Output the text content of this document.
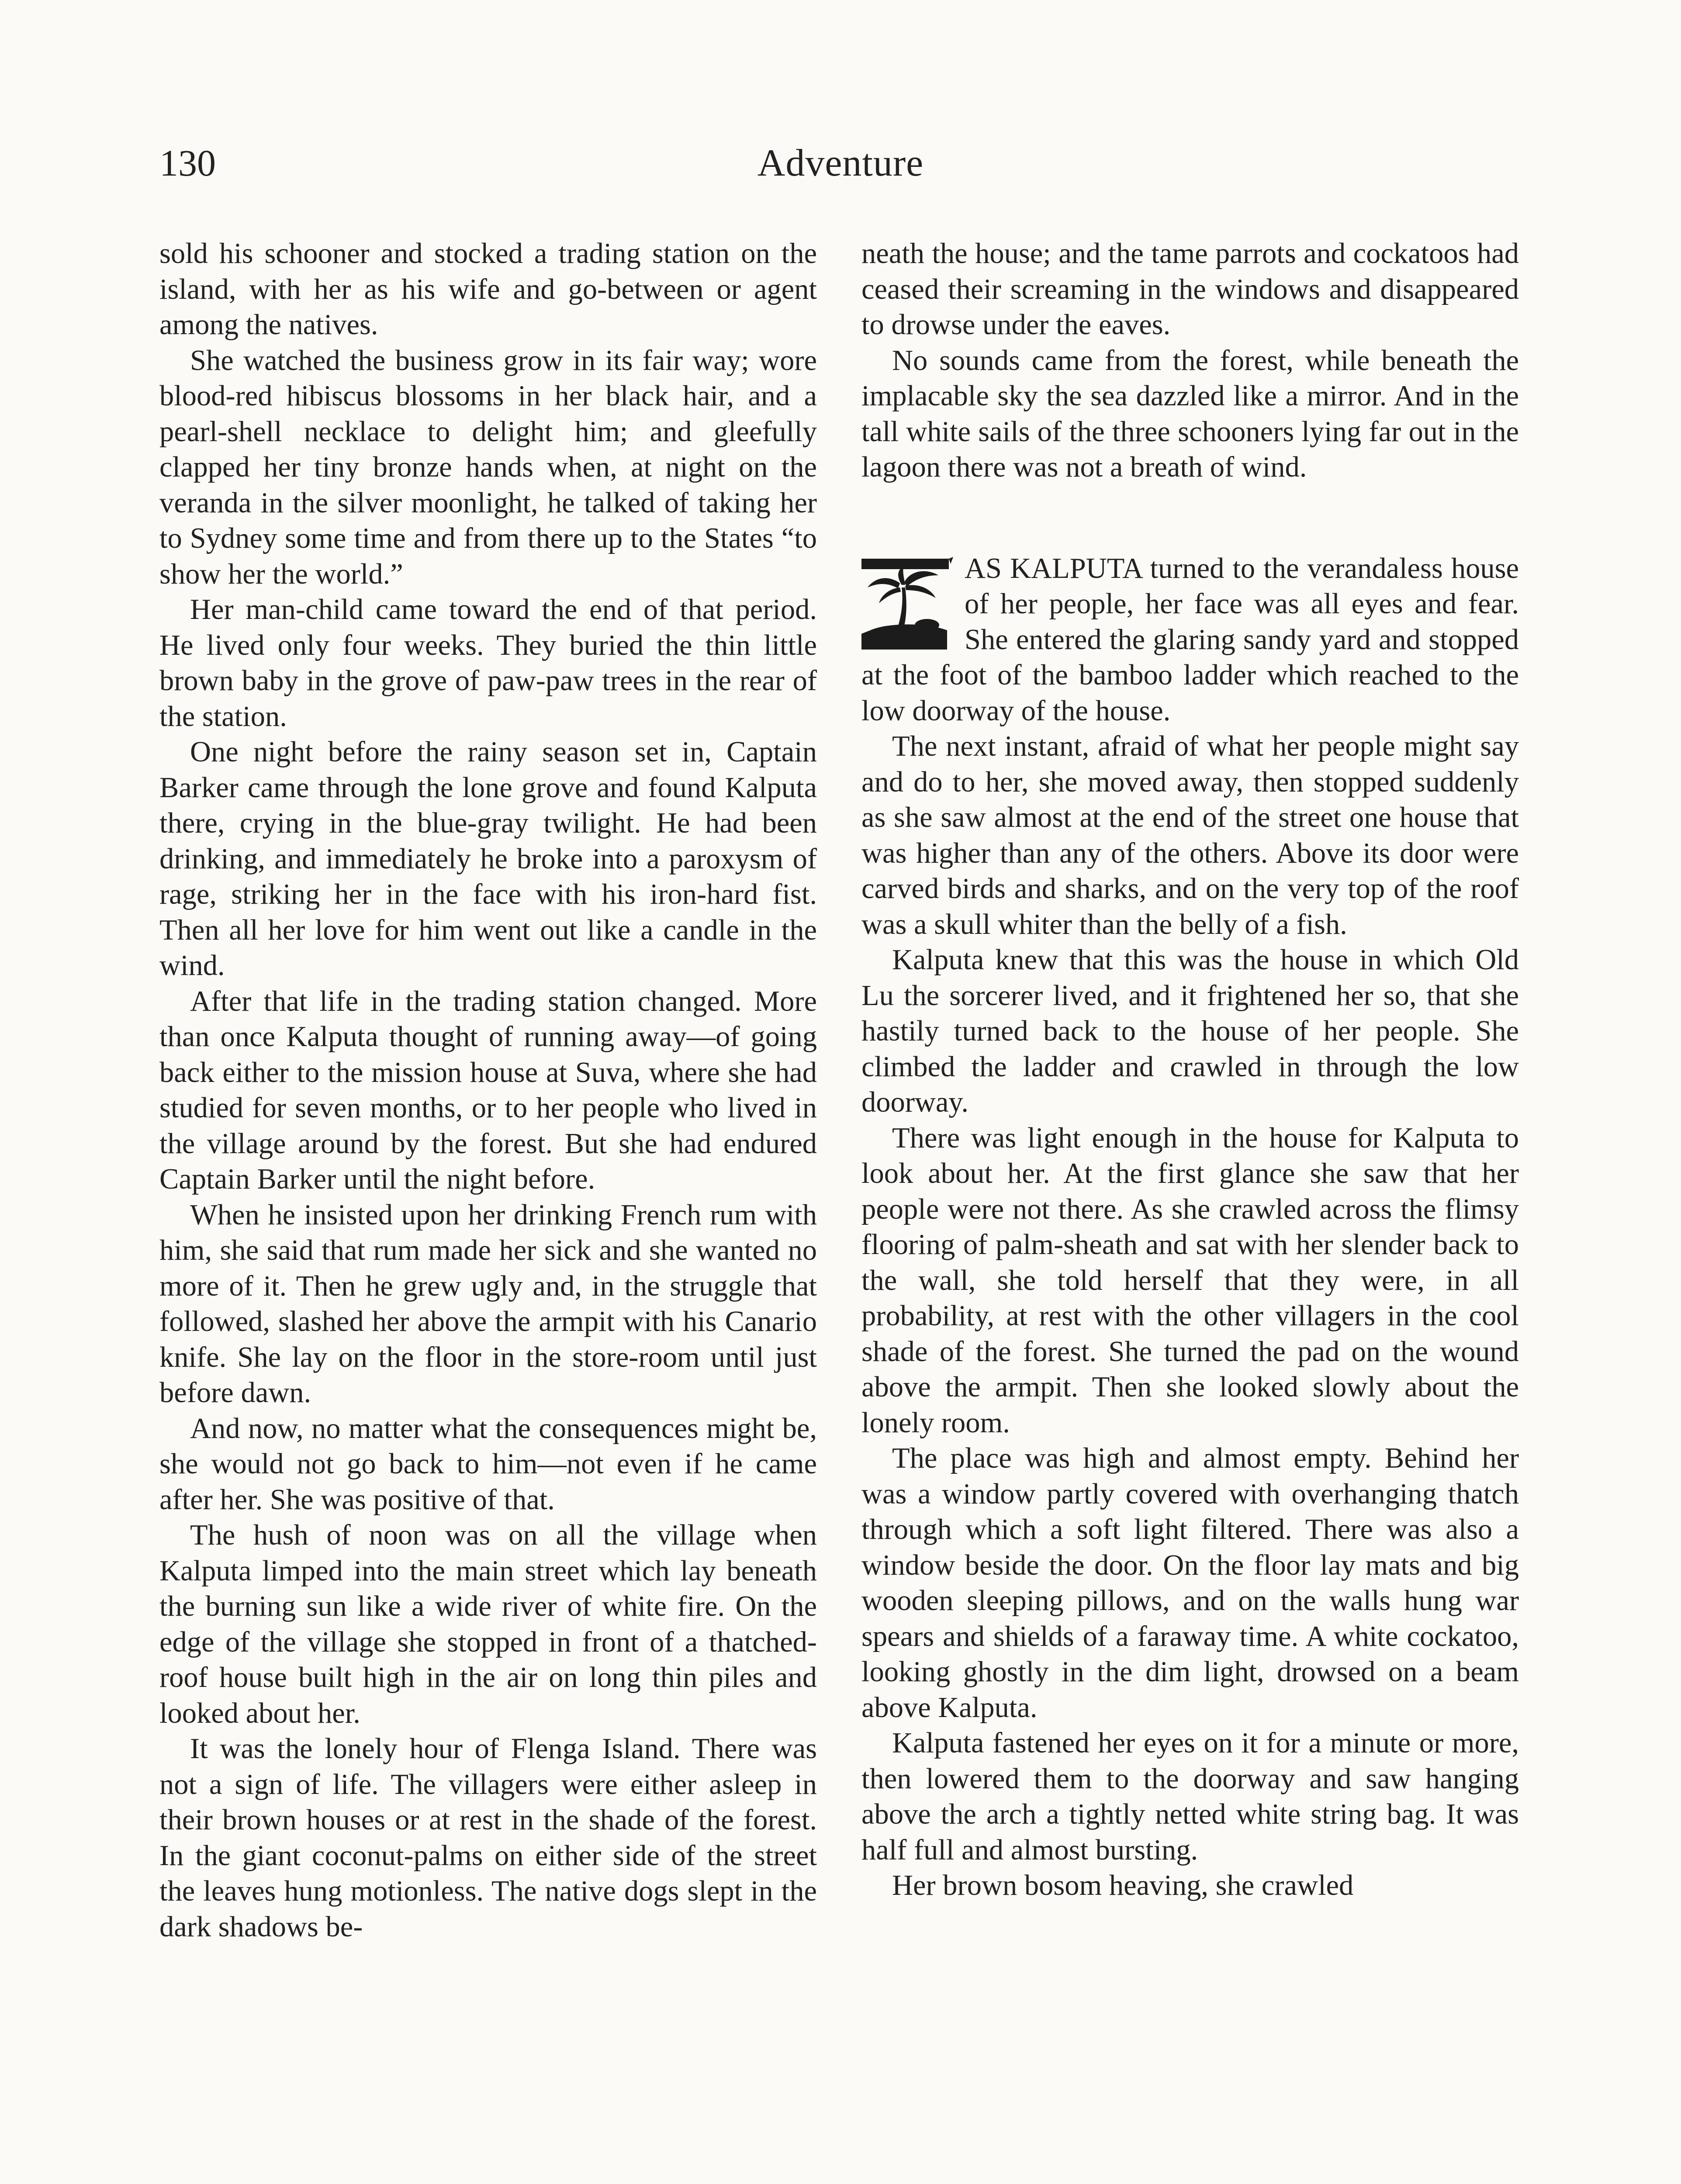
130	Adventure

sold his schooner and stocked a trading station on the island, with her as his wife and go-between or agent among the natives.

She watched the business grow in its fair way; wore blood-red hibiscus blossoms in her black hair, and a pearl-shell necklace to delight him; and gleefully clapped her tiny bronze hands when, at night on the veranda in the silver moonlight, he talked of taking her to Sydney some time and from there up to the States “to show her the world.”

Her man-child came toward the end of that period. He lived only four weeks. They buried the thin little brown baby in the grove of paw-paw trees in the rear of the station.

One night before the rainy season set in, Captain Barker came through the lone grove and found Kalputa there, crying in the blue-gray twilight. He had been drinking, and immediately he broke into a paroxysm of rage, striking her in the face with his iron-hard fist. Then all her love for him went out like a candle in the wind.

After that life in the trading station changed. More than once Kalputa thought of running away—of going back either to the mission house at Suva, where she had studied for seven months, or to her people who lived in the village around by the forest. But she had endured Captain Barker until the night before.

When he insisted upon her drinking French rum with him, she said that rum made her sick and she wanted no more of it. Then he grew ugly and, in the struggle that followed, slashed her above the armpit with his Canario knife. She lay on the floor in the store-room until just before dawn.

And now, no matter what the consequences might be, she would not go back to him—not even if he came after her. She was positive of that.

The hush of noon was on all the village when Kalputa limped into the main street which lay beneath the burning sun like a wide river of white fire. On the edge of the village she stopped in front of a thatched-roof house built high in the air on long thin piles and looked about her.

It was the lonely hour of Flenga Island. There was not a sign of life. The villagers were either asleep in their brown houses or at rest in the shade of the forest. In the giant coconut-palms on either side of the street the leaves hung motionless. The native dogs slept in the dark shadows be-

neath the house; and the tame parrots and cockatoos had ceased their screaming in the windows and disappeared to drowse under the eaves.

No sounds came from the forest, while beneath the implacable sky the sea dazzled like a mirror. And in the tall white sails of the three schooners lying far out in the lagoon there was not a breath of wind.

AS KALPUTA turned to the verandaless house of her people, her face was all eyes and fear. She entered the glaring sandy yard and stopped at the foot of the bamboo ladder which reached to the low doorway of the house.

The next instant, afraid of what her people might say and do to her, she moved away, then stopped suddenly as she saw almost at the end of the street one house that was higher than any of the others. Above its door were carved birds and sharks, and on the very top of the roof was a skull whiter than the belly of a fish.

Kalputa knew that this was the house in which Old Lu the sorcerer lived, and it frightened her so, that she hastily turned back to the house of her people. She climbed the ladder and crawled in through the low doorway.

There was light enough in the house for Kalputa to look about her. At the first glance she saw that her people were not there. As she crawled across the flimsy flooring of palm-sheath and sat with her slender back to the wall, she told herself that they were, in all probability, at rest with the other villagers in the cool shade of the forest. She turned the pad on the wound above the armpit. Then she looked slowly about the lonely room.

The place was high and almost empty. Behind her was a window partly covered with overhanging thatch through which a soft light filtered. There was also a window beside the door. On the floor lay mats and big wooden sleeping pillows, and on the walls hung war spears and shields of a faraway time. A white cockatoo, looking ghostly in the dim light, drowsed on a beam above Kalputa.

Kalputa fastened her eyes on it for a minute or more, then lowered them to the doorway and saw hanging above the arch a tightly netted white string bag. It was half full and almost bursting.

Her brown bosom heaving, she crawled
